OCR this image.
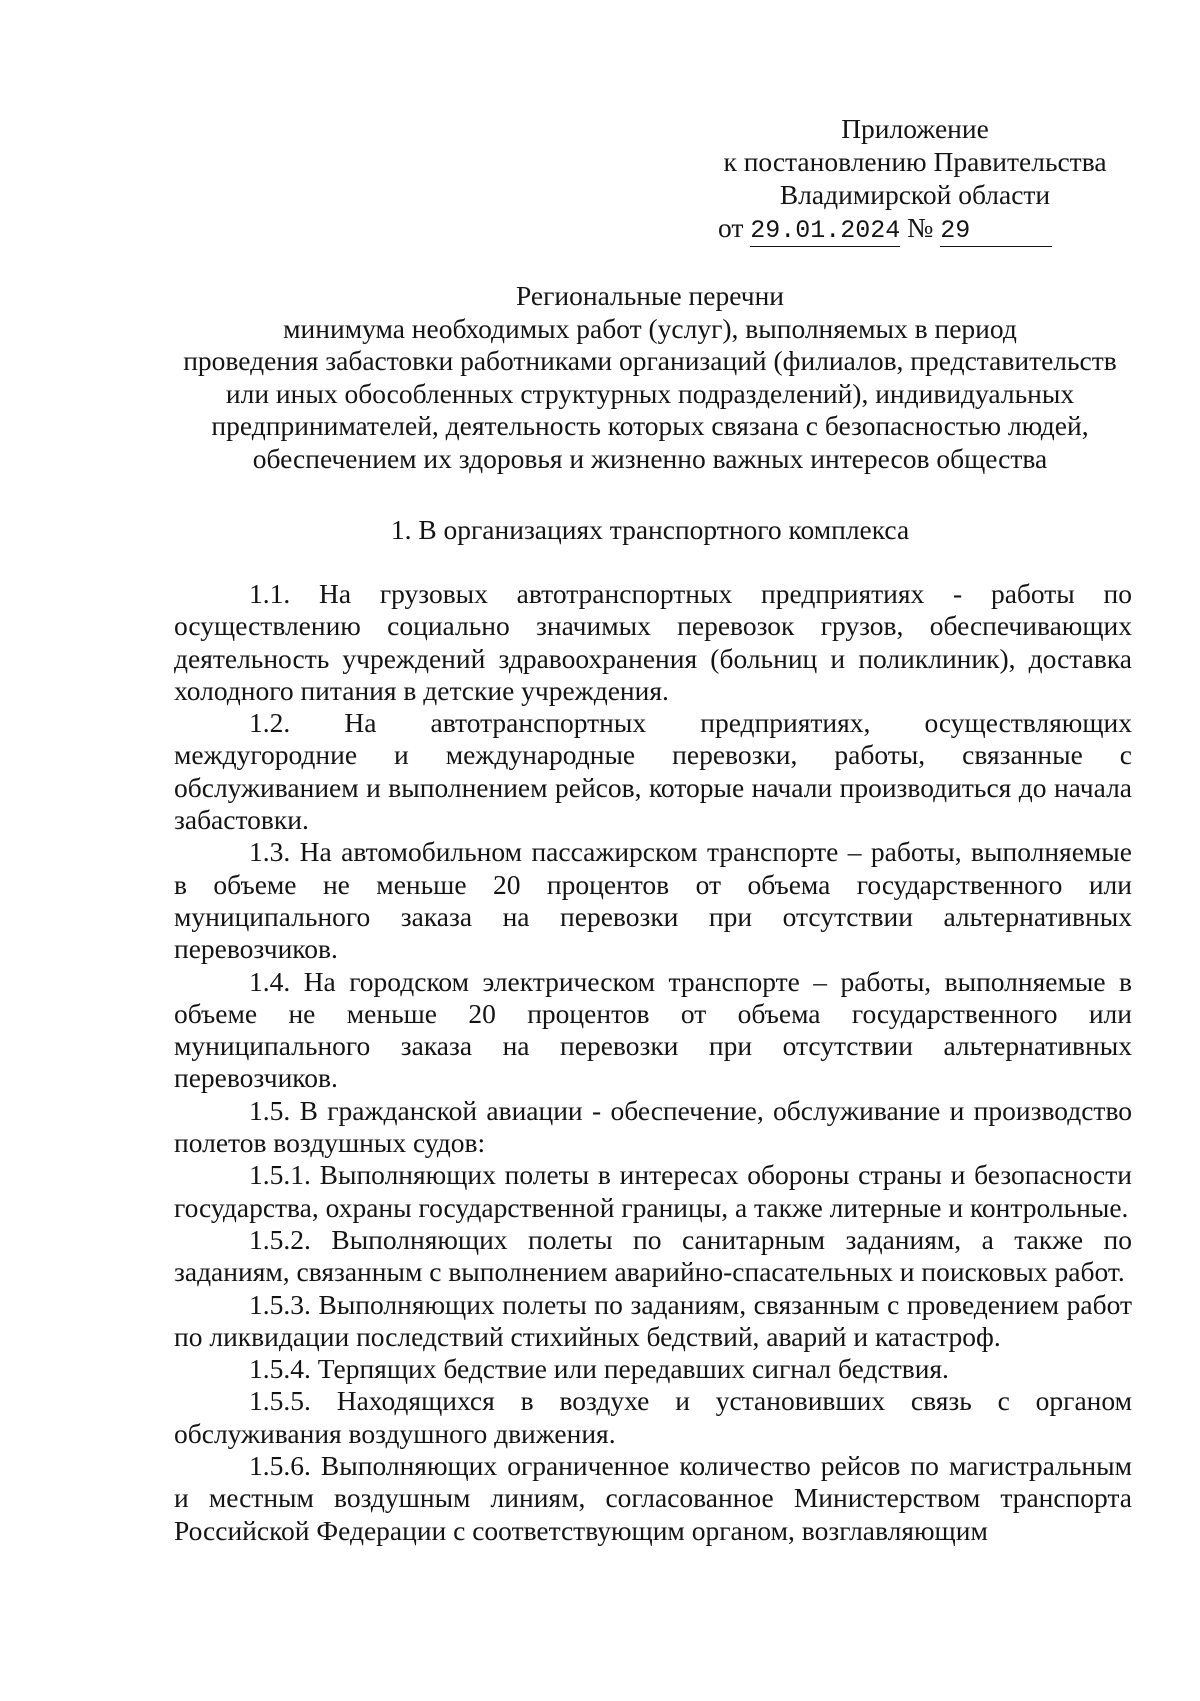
Приложение
к постановлению Правительства
Владимирской области
от 29.01.2024 № 29
Региональные перечни
минимума необходимых работ (услуг), выполняемых в период
проведения забастовки работниками организаций (филиалов, представительств
или иных обособленных структурных подразделений), индивидуальных
предпринимателей, деятельность которых связана с безопасностью людей,
обеспечением их здоровья и жизненно важных интересов общества
1. В организациях транспортного комплекса

1.1. На грузовых автотранспортных предприятиях - работы по осуществлению социально значимых перевозок грузов, обеспечивающих деятельность учреждений здравоохранения (больниц и поликлиник), доставка холодного питания в детские учреждения.

1.2. На автотранспортных предприятиях, осуществляющих междугородние и международные перевозки, работы, связанные с обслуживанием и выполнением рейсов, которые начали производиться до начала забастовки.

1.3. На автомобильном пассажирском транспорте – работы, выполняемые в объеме не меньше 20 процентов от объема государственного или муниципального заказа на перевозки при отсутствии альтернативных перевозчиков.

1.4. На городском электрическом транспорте – работы, выполняемые в объеме не меньше 20 процентов от объема государственного или муниципального заказа на перевозки при отсутствии альтернативных перевозчиков.

1.5. В гражданской авиации - обеспечение, обслуживание и производство полетов воздушных судов:

1.5.1. Выполняющих полеты в интересах обороны страны и безопасности государства, охраны государственной границы, а также литерные и контрольные.

1.5.2. Выполняющих полеты по санитарным заданиям, а также по заданиям, связанным с выполнением аварийно-спасательных и поисковых работ.

1.5.3. Выполняющих полеты по заданиям, связанным с проведением работ по ликвидации последствий стихийных бедствий, аварий и катастроф.

1.5.4. Терпящих бедствие или передавших сигнал бедствия.

1.5.5. Находящихся в воздухе и установивших связь с органом обслуживания воздушного движения.

1.5.6. Выполняющих ограниченное количество рейсов по магистральным и местным воздушным линиям, согласованное Министерством транспорта Российской Федерации с соответствующим органом, возглавляющим
